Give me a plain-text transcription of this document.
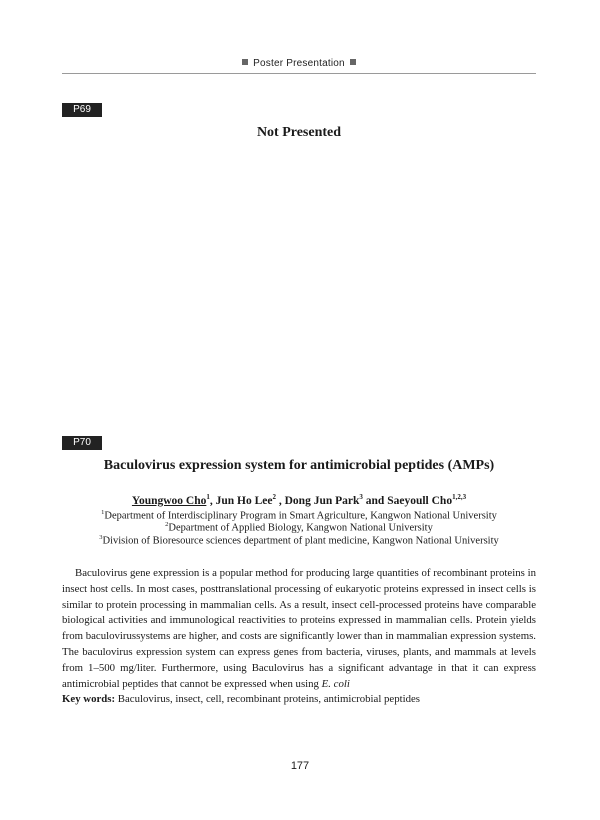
Poster Presentation
P69
Not Presented
P70
Baculovirus expression system for antimicrobial peptides (AMPs)
Youngwoo Cho$^1$, Jun Ho Lee$^2$ , Dong Jun Park$^3$ and Saeyoull Cho$^{1,2,3}$
$^1$Department of Interdisciplinary Program in Smart Agriculture, Kangwon National University
$^2$Department of Applied Biology, Kangwon National University
$^3$Division of Bioresource sciences department of plant medicine, Kangwon National University

Baculovirus gene expression is a popular method for producing large quantities of recombinant proteins in insect host cells. In most cases, posttranslational processing of eukaryotic proteins expressed in insect cells is similar to protein processing in mammalian cells. As a result, insect cell-processed proteins have comparable biological activities and immunological reactivities to proteins expressed in mammalian cells. Protein yields from baculovirussystems are higher, and costs are significantly lower than in mammalian expression systems. The baculovirus expression system can express genes from bacteria, viruses, plants, and mammals at levels from 1–500 mg/liter. Furthermore, using Baculovirus has a significant advantage in that it can express antimicrobial peptides that cannot be expressed when using E. coli

Key words: Baculovirus, insect, cell, recombinant proteins, antimicrobial peptides
177
